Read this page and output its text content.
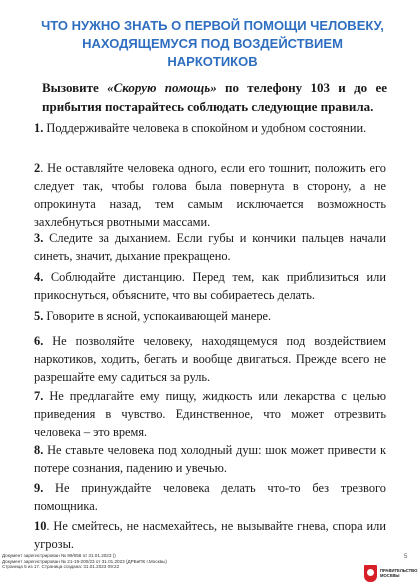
ЧТО НУЖНО ЗНАТЬ О ПЕРВОЙ ПОМОЩИ ЧЕЛОВЕКУ,
НАХОДЯЩЕМУСЯ ПОД ВОЗДЕЙСТВИЕМ
НАРКОТИКОВ
Вызовите «Скорую помощь» по телефону 103 и до ее прибытия постарайтесь соблюдать следующие правила.
1. Поддерживайте человека в спокойном и удобном состоянии.
2. Не оставляйте человека одного, если его тошнит, положить его следует так, чтобы голова была повернута в сторону, а не опрокинута назад, тем самым исключается возможность захлебнуться рвотными массами.
3. Следите за дыханием. Если губы и кончики пальцев начали синеть, значит, дыхание прекращено.
4. Соблюдайте дистанцию. Перед тем, как приблизиться или прикоснуться, объясните, что вы собираетесь делать.
5. Говорите в ясной, успокаивающей манере.
6. Не позволяйте человеку, находящемуся под воздействием наркотиков, ходить, бегать и вообще двигаться. Прежде всего не разрешайте ему садиться за руль.
7. Не предлагайте ему пищу, жидкость или лекарства с целью приведения в чувство. Единственное, что может отрезвить человека – это время.
8. Не ставьте человека под холодный душ: шок может привести к потере сознания, падению и увечью.
9. Не принуждайте человека делать что-то без трезвого помощника.
10. Не смейтесь, не насмехайтесь, не вызывайте гнева, спора или угрозы.
Документ зарегистрирован № 99/658 от 31.01.2023 ()
Документ зарегистрирован № 21-19-200/23 от 31.01.2023 (ДРБиПК г.Москвы)
Страница 5 из 17. Страница создана: 31.01.2023 09:22
5
ПРАВИТЕЛЬСТВО
МОСКВЫ
